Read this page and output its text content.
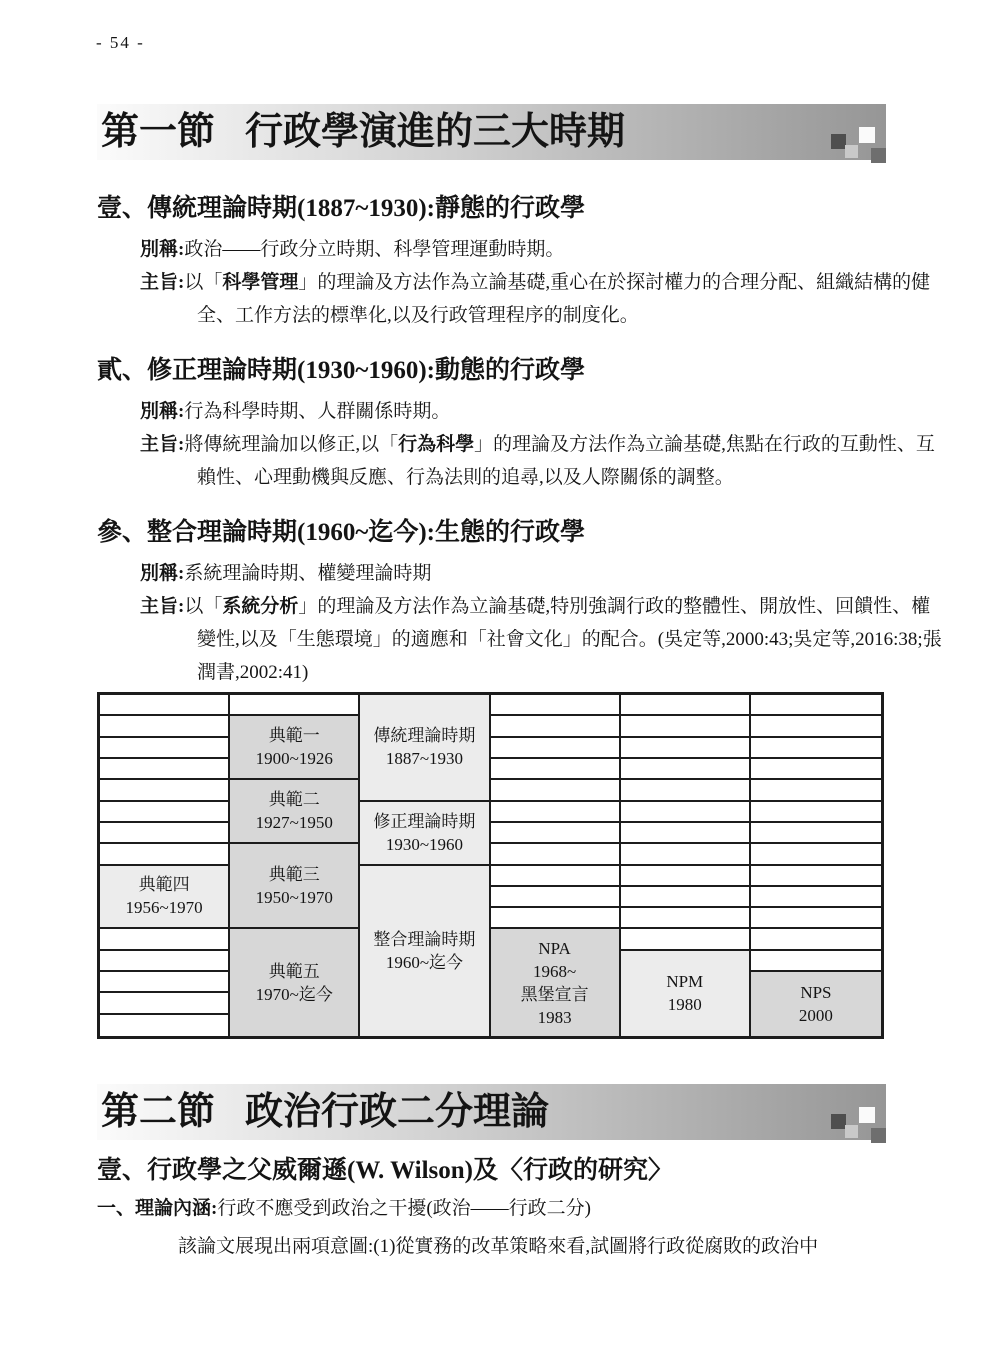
- 54 -
第一節 行政學演進的三大時期
壹、傳統理論時期(1887~1930):靜態的行政學
別稱:政治——行政分立時期、科學管理運動時期。
主旨:以「科學管理」的理論及方法作為立論基礎,重心在於探討權力的合理分配、組織結構的健全、工作方法的標準化,以及行政管理程序的制度化。
貳、修正理論時期(1930~1960):動態的行政學
別稱:行為科學時期、人群關係時期。
主旨:將傳統理論加以修正,以「行為科學」的理論及方法作為立論基礎,焦點在行政的互動性、互賴性、心理動機與反應、行為法則的追尋,以及人際關係的調整。
參、整合理論時期(1960~迄今):生態的行政學
別稱:系統理論時期、權變理論時期
主旨:以「系統分析」的理論及方法作為立論基礎,特別強調行政的整體性、開放性、回饋性、權變性,以及「生態環境」的適應和「社會文化」的配合。(吳定等,2000:43;吳定等,2016:38;張潤書,2002:41)
典範四
1956~1970
典範一
1900~1926
典範二
1927~1950
典範三
1950~1970
典範五
1970~迄今
傳統理論時期
1887~1930
修正理論時期
1930~1960
整合理論時期
1960~迄今
NPA
1968~
黑堡宣言
1983
NPM
1980
NPS
2000
第二節 政治行政二分理論
壹、行政學之父威爾遜(W. Wilson)及〈行政的研究〉
一、理論內涵:行政不應受到政治之干擾(政治——行政二分)
該論文展現出兩項意圖:(1)從實務的改革策略來看,試圖將行政從腐敗的政治中
